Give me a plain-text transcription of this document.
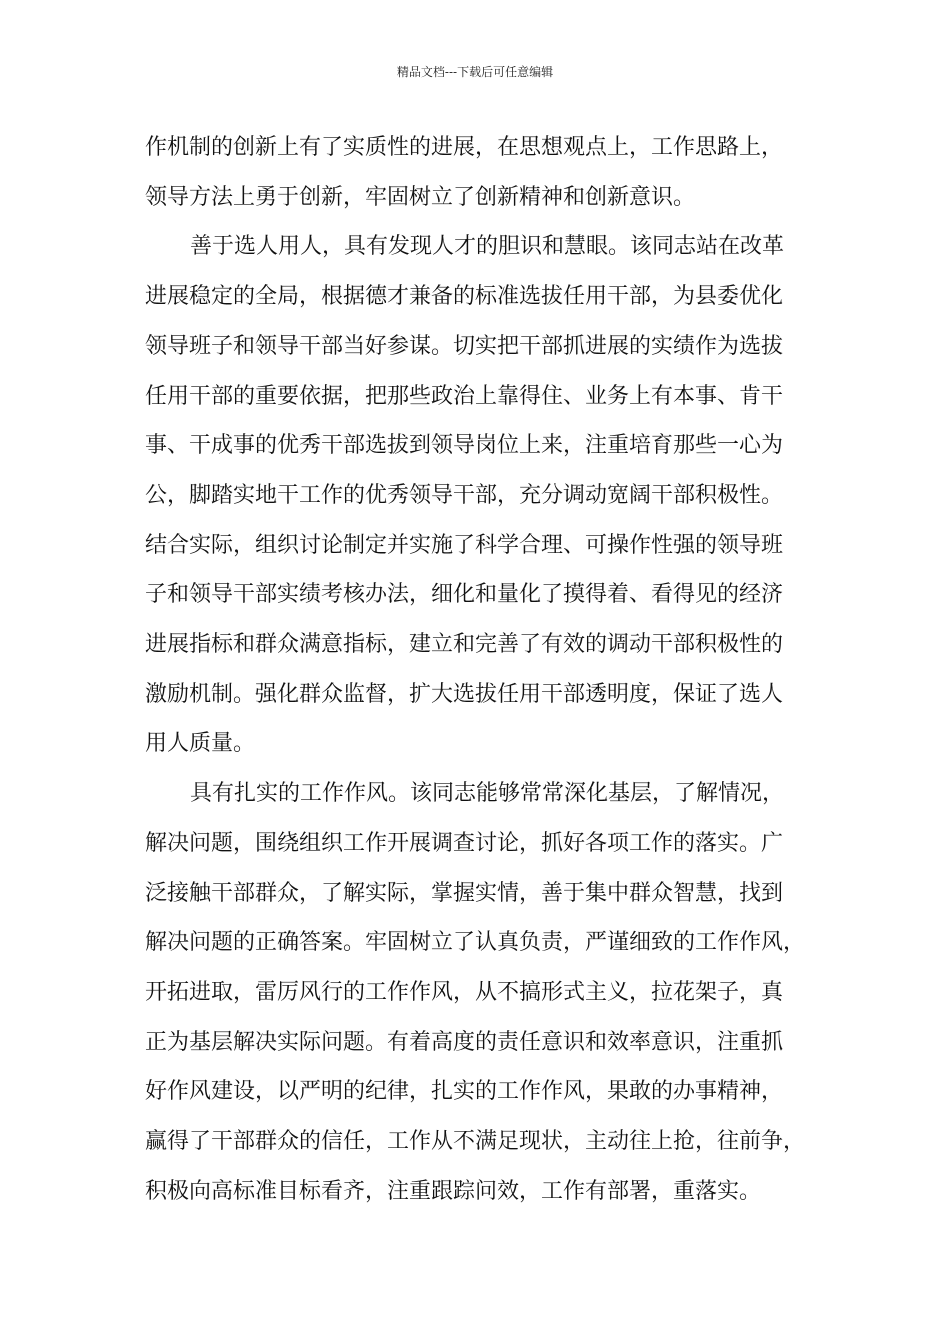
精品文档---下载后可任意编辑
作机制的创新上有了实质性的进展，在思想观点上，工作思路上，
领导方法上勇于创新，牢固树立了创新精神和创新意识。
善于选人用人，具有发现人才的胆识和慧眼。该同志站在改革
进展稳定的全局，根据德才兼备的标准选拔任用干部，为县委优化
领导班子和领导干部当好参谋。切实把干部抓进展的实绩作为选拔
任用干部的重要依据，把那些政治上靠得住、业务上有本事、肯干
事、干成事的优秀干部选拔到领导岗位上来，注重培育那些一心为
公，脚踏实地干工作的优秀领导干部，充分调动宽阔干部积极性。
结合实际，组织讨论制定并实施了科学合理、可操作性强的领导班
子和领导干部实绩考核办法，细化和量化了摸得着、看得见的经济
进展指标和群众满意指标，建立和完善了有效的调动干部积极性的
激励机制。强化群众监督，扩大选拔任用干部透明度，保证了选人
用人质量。
具有扎实的工作作风。该同志能够常常深化基层，了解情况，
解决问题，围绕组织工作开展调查讨论，抓好各项工作的落实。广
泛接触干部群众，了解实际，掌握实情，善于集中群众智慧，找到
解决问题的正确答案。牢固树立了认真负责，严谨细致的工作作风，
开拓进取，雷厉风行的工作作风，从不搞形式主义，拉花架子，真
正为基层解决实际问题。有着高度的责任意识和效率意识，注重抓
好作风建设，以严明的纪律，扎实的工作作风，果敢的办事精神，
赢得了干部群众的信任，工作从不满足现状，主动往上抢，往前争，
积极向高标准目标看齐，注重跟踪问效，工作有部署，重落实。
